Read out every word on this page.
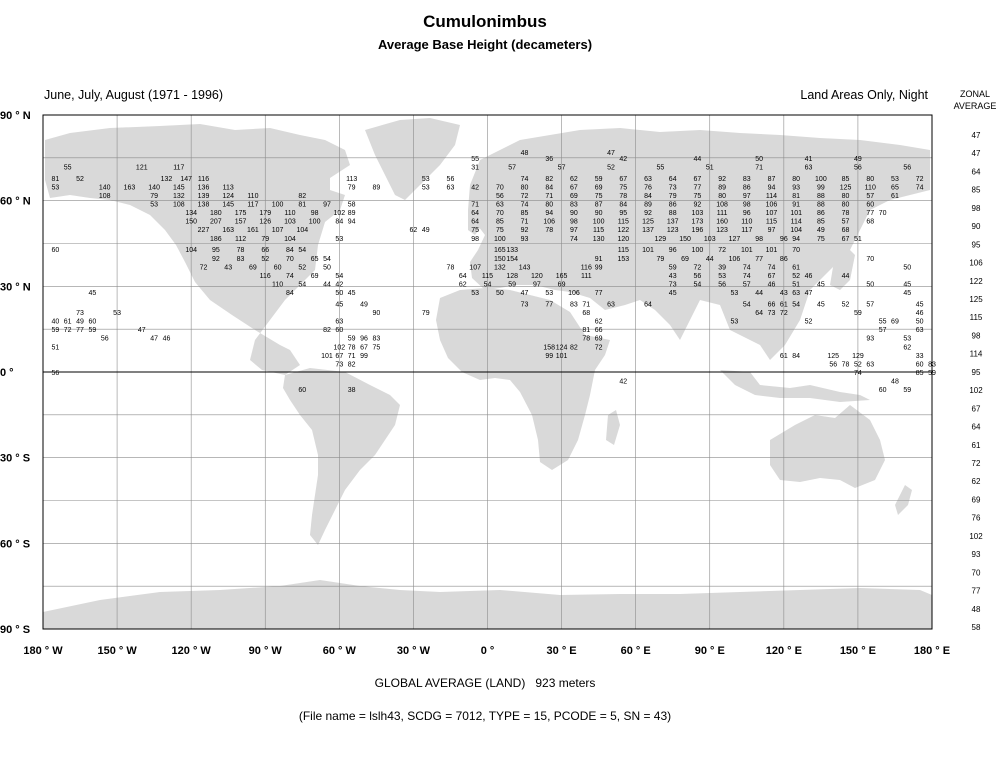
Cumulonimbus
Average Base Height (decameters)
June, July, August (1971 - 1996)	Land Areas Only, Night	ZONAL AVERAGE
90 ° N
60 ° N
30 ° N
0 °
30 ° S
60 ° S
90 ° S
180 ° W	150 ° W	120 ° W	90 ° W	60 ° W	30 ° W	0 °	30 ° E	60 ° E	90 ° E	120 ° E	150 ° E	180 ° E
47
47
64
85
98
90
95
106
122
125
115
98
114
95
102
67
64
61
72
62
69
76
102
93
70
77
48
58
48	47
55	36	42	44	50	41	49
55	121	117	31	57	57	52	55	51	71	63	56	56
81 52	132 147 116	113	53 56	74 82 62 59 67 63 64 67 92 83 87 80 100 85 80 53 72
53	140 163 140 145 136 113	79 89	53 63 42 70 80 84 67 69 75 76 73 77 89 86 94 93 99 125 110 65 74
108	79 132 139 124 110	82	56 72 71 69 75 78 84 79 75 80 97 114 81 88 80 57 61
53 108 138 145 117 100 81 97 58	71 63 74 80 83 87 84 89 86 92 108 98 106 91 88 80 60
134 180 175 179 110 98 102 89	64 70 85 94 90 90 95 92 88 103 111 96 107 101 86 78 77 70
150 207 157 126 103 100 84 94	64 85 71 106 98 100 115 125 137 173 160 110 115 114 85 57 68
227 163 161 107 104	62 49	75 75 92 78 97 115 122 137 123 196 123 117 97 104 49 68
186 112 79 104	53	98 100 93	74 130 120	129 150 103 127 98 96 94 75 67 51
60	104 95 78 66 84 54	165 133	115 101 96 100 72 101 101 70
92 83 52 70 65 54	150 154	91 153	79 69 44 106 77 86	70
72 43 69 60 52 50	78 107 132 143	116 99	59 72 39 74 74 61	50
116 74 69 54	64 115 128 120 165 111	43 56 53 74 67 52 46	44
110 54 44 42	62 54 59 97 69	73 54 56 57 46 51 45	50	45
45	84	50 45	53 50 47 53 106 77	45	53 44 43 63 47	45
45 49	73 77 83 71 63	64	54 66 61 54 45 52 57	45
73	53	90	79	68	64 73 72	59	46
40 61 49 60	63	62	53	52	55 69 50
59 72 77 59	47	82 60	81 66	57	63
56	47 46	59 96 83	78 69	93	53
51	102 78 67 75	158 124 82 72	62
101 67 71 99	99 101	61 84	125 129	33
73 82	56 78 52 63	60 83
56	74	85 59
42	48
60	38	60 59
GLOBAL AVERAGE (LAND)   923 meters
(File name = lslh43, SCDG = 7012, TYPE = 15, PCODE = 5, SN = 43)
